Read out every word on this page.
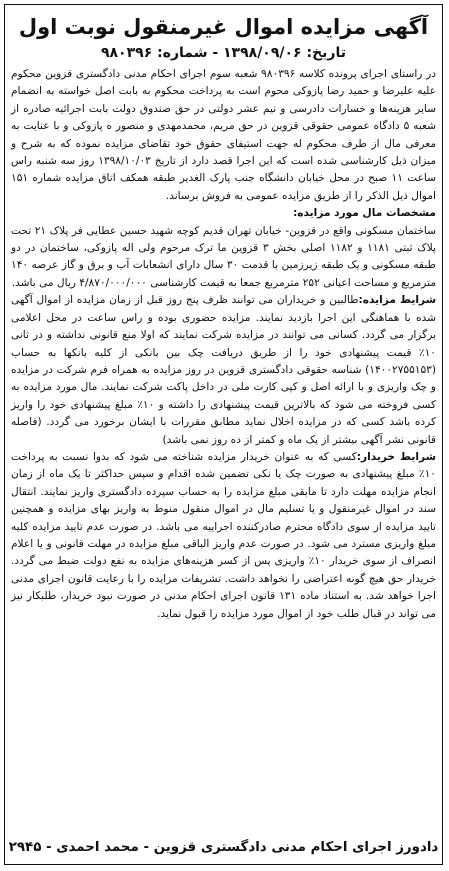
آگهی مزایده اموال غیرمنقول نوبت اول
تاریخ: ۱۳۹۸/۰۹/۰۶ - شماره: ۹۸۰۳۹۶

در راستای اجرای پرونده کلاسه ۹۸۰۳۹۶ شعبه سوم اجرای احکام مدنی دادگستری قزوین محکوم علیه علیرضا و حمید رضا پازوکی محوم است به پرداخت محکوم به بابت اصل خواسته به انضمام سایر هزینه‌ها و خسارات دادرسی و نیم عشر دولتی در حق صندوق دولت بابت اجرائیه صادره از شعبه ۵ دادگاه عمومی حقوقی قزوین در حق مریم، محمدمهدی و منصور ه پازوکی و با عنایت به معرفی مال از طرف محکوم له جهت استیفای حقوق خود تقاضای مزایده نموده که به شرح و میزان ذیل کارشناسی شده است که این اجرا قصد دارد از تاریخ ۱۳۹۸/۱۰/۰۳ روز سه شنبه راس ساعت ۱۱ صبح در محل خیابان دانشگاه جنب پارک الغدیر طبقه همکف اتاق مزایده شماره ۱۵۱ اموال ذیل الذکر را از طریق مزایده عمومی به فروش برساند.

مشخصات مال مورد مزایده:

ساختمان مسکونی واقع در قزوین- خیابان تهران قدیم کوچه شهید حسین عطایی فر پلاک ۲۱ تحت پلاک ثبتی ۱۱۸۱ و ۱۱۸۲ اصلی بخش ۳ قزوین ما ترک مرحوم ولی اله پازوکی، ساختمان در دو طبقه مسکونی و یک طبقه زیرزمین با قدمت ۳۰ سال دارای انشعابات آب و برق و گاز عرصه ۱۴۰ مترمربع و مساحت اعیانی ۲۵۲ مترمربع جمعا به قیمت کارشناسی ۴/۸۷۰/۰۰۰/۰۰۰ ریال می باشد.

شرایط مزایده:طالبین و خریداران می توانند ظرف پنج روز قبل از زمان مزایده از اموال آگهی شده با هماهنگی این اجرا بازدید نمایند. مزایده حضوری بوده و راس ساعت در محل اعلامی برگزار می گردد. کسانی می توانند در مزایده شرکت نمایند که اولا منع قانونی نداشته و در ثانی ۱۰٪ قیمت پیشنهادی خود را از طریق دریافت چک بین بانکی از کلیه بانکها به حساب (۱۴۰۰۲۷۵۵۱۵۳) شناسه حقوقی دادگستری قزوین در روز مزایده به همراه فرم شرکت در مزایده و چک واریزی و با ارائه اصل و کپی کارت ملی در داخل پاکت شرکت نمایند. مال مورد مزایده به کسی فروخته می شود که بالاترین قیمت پیشنهادی را داشته و ۱۰٪ مبلغ پیشنهادی خود را واریز کرده باشد کسی که در مزایده اخلال نماید مطابق مقررات با ایشان برخورد می گردد. (فاصله قانونی نشر آگهی بیشتر از یک ماه و کمتر از ده روز نمی باشد)

شرایط خریدار:کسی که به عنوان خریدار مزایده شناخته می شود که بدوا نسبت به پرداخت ۱۰٪ مبلغ پیشنهادی به صورت چک یا نکی تضمین شده اقدام و سپس حداکثر تا یک ماه از زمان انجام مزایده مهلت دارد تا مابقی مبلغ مزایده را به حساب سپرده دادگستری واریز نمایند. انتقال سند در اموال غیرمنقول و یا تسلیم مال در اموال منقول منوط به واریز بهای مزایده و همچنین تایید مزایده از سوی دادگاه محترم صادرکننده اجراییه می باشد. در صورت عدم تایید مزایده کلیه مبلغ واریزی مسترد می شود. در صورت عدم واریز الباقی مبلغ مزایده در مهلت قانونی و یا اعلام انصراف از سوی خریدار ۱۰٪ واریزی پس از کسر هزینه‌های مزایده به نفع دولت ضبط می گردد. خریدار حق هیچ گونه اعتراضی را نخواهد داشت. تشریفات مزایده را با رعایت قانون اجرای مدنی اجرا خواهد شد. به استناد ماده ۱۳۱ قانون اجرای احکام مدنی در صورت نبود خریدار، طلبکار نیز می تواند در قبال طلب خود از اموال مورد مزایده را قبول نماید.

دادورز اجرای احکام مدنی دادگستری قزوین - محمد احمدی - ۲۹۴۵
